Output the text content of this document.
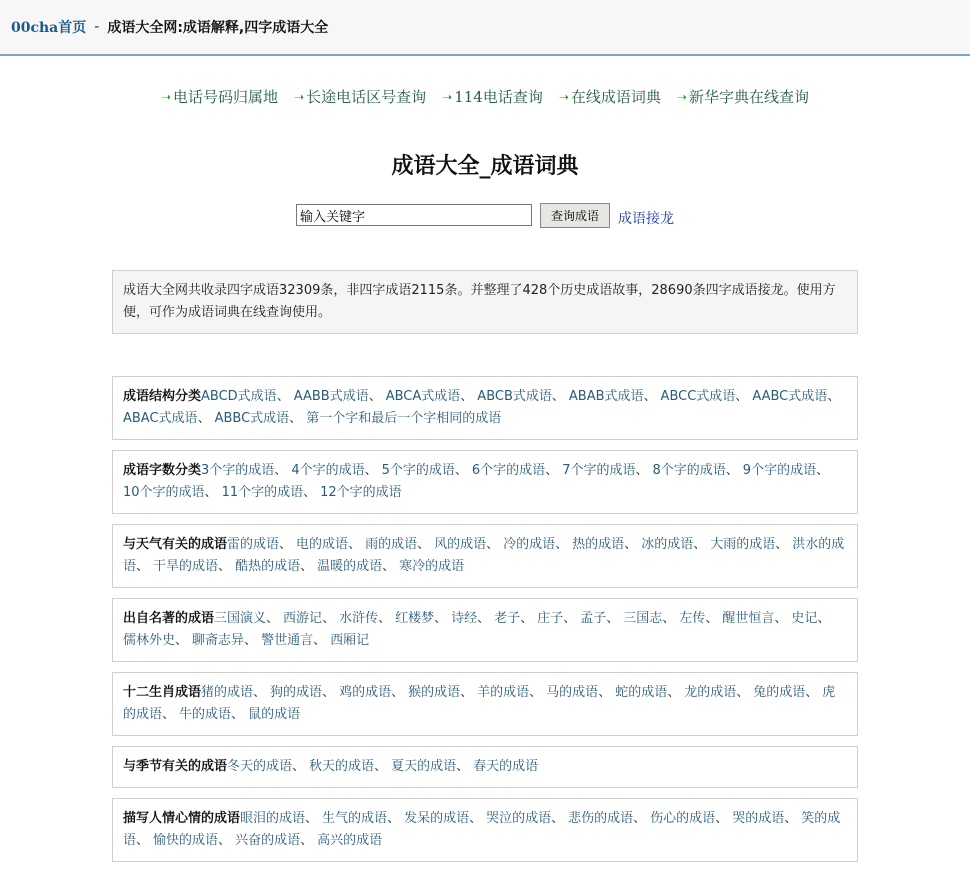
00cha首页 - 成语大全网:成语解释,四字成语大全
➝ 电话号码归属地 ➝ 长途电话区号查询 ➝ 114电话查询 ➝ 在线成语词典 ➝ 新华字典在线查询
成语大全_成语词典
输入关键字
查询成语	成语接龙
成语大全网共收录四字成语32309条，非四字成语2115条。并整理了428个历史成语故事，28690条四字成语接龙。使用方便，可作为成语词典在线查询使用。
成语结构分类ABCD式成语、 AABB式成语、 ABCA式成语、 ABCB式成语、 ABAB式成语、 ABCC式成语、 AABC式成语、ABAC式成语、 ABBC式成语、 第一个字和最后一个字相同的成语
成语字数分类3个字的成语、 4个字的成语、 5个字的成语、 6个字的成语、 7个字的成语、 8个字的成语、 9个字的成语、10个字的成语、 11个字的成语、 12个字的成语
与天气有关的成语雷的成语、 电的成语、 雨的成语、 风的成语、 冷的成语、 热的成语、 冰的成语、 大雨的成语、 洪水的成语、 干旱的成语、 酷热的成语、 温暖的成语、 寒冷的成语
出自名著的成语三国演义、 西游记、 水浒传、 红楼梦、 诗经、 老子、 庄子、 孟子、 三国志、 左传、 醒世恒言、 史记、儒林外史、 聊斋志异、 警世通言、 西厢记
十二生肖成语猪的成语、 狗的成语、 鸡的成语、 猴的成语、 羊的成语、 马的成语、 蛇的成语、 龙的成语、 兔的成语、 虎的成语、 牛的成语、 鼠的成语
与季节有关的成语冬天的成语、 秋天的成语、 夏天的成语、 春天的成语
描写人情心情的成语眼泪的成语、 生气的成语、 发呆的成语、 哭泣的成语、 悲伤的成语、 伤心的成语、 哭的成语、 笑的成语、 愉快的成语、 兴奋的成语、 高兴的成语
